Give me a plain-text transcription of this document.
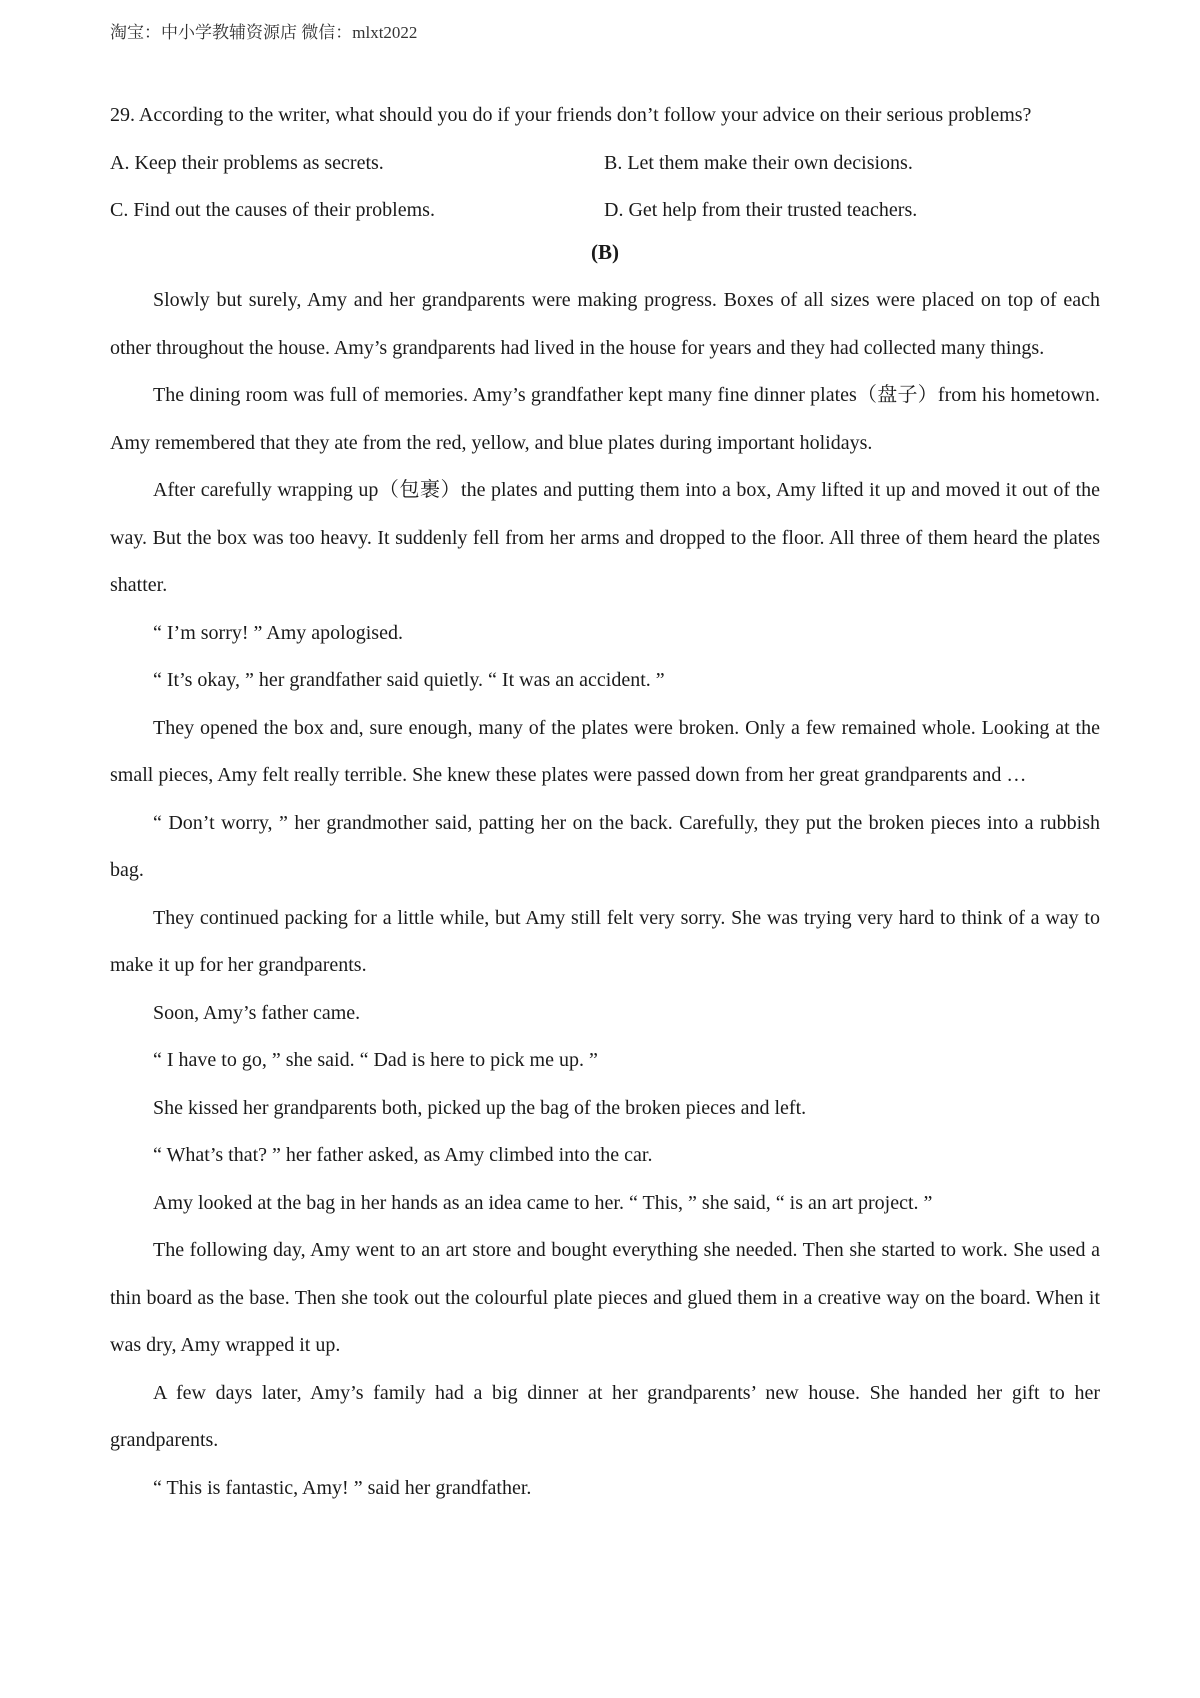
淘宝：中小学教辅资源店 微信：mlxt2022
29. According to the writer, what should you do if your friends don’t follow your advice on their serious problems?
A. Keep their problems as secrets.	B. Let them make their own decisions.
C. Find out the causes of their problems.	D. Get help from their trusted teachers.
(B)

Slowly but surely, Amy and her grandparents were making progress. Boxes of all sizes were placed on top of each other throughout the house. Amy’s grandparents had lived in the house for years and they had collected many things.

The dining room was full of memories. Amy’s grandfather kept many fine dinner plates（盘子）from his hometown. Amy remembered that they ate from the red, yellow, and blue plates during important holidays.

After carefully wrapping up（包裹）the plates and putting them into a box, Amy lifted it up and moved it out of the way. But the box was too heavy. It suddenly fell from her arms and dropped to the floor. All three of them heard the plates shatter.

“ I’m sorry! ” Amy apologised.

“ It’s okay, ” her grandfather said quietly. “ It was an accident. ”

They opened the box and, sure enough, many of the plates were broken. Only a few remained whole. Looking at the small pieces, Amy felt really terrible. She knew these plates were passed down from her great grandparents and …

“ Don’t worry, ” her grandmother said, patting her on the back. Carefully, they put the broken pieces into a rubbish bag.

They continued packing for a little while, but Amy still felt very sorry. She was trying very hard to think of a way to make it up for her grandparents.

Soon, Amy’s father came.

“ I have to go, ” she said. “ Dad is here to pick me up. ”

She kissed her grandparents both, picked up the bag of the broken pieces and left.

“ What’s that? ” her father asked, as Amy climbed into the car.

Amy looked at the bag in her hands as an idea came to her. “ This, ” she said, “ is an art project. ”

The following day, Amy went to an art store and bought everything she needed. Then she started to work. She used a thin board as the base. Then she took out the colourful plate pieces and glued them in a creative way on the board. When it was dry, Amy wrapped it up.

A few days later, Amy’s family had a big dinner at her grandparents’ new house. She handed her gift to her grandparents.

“ This is fantastic, Amy! ” said her grandfather.
